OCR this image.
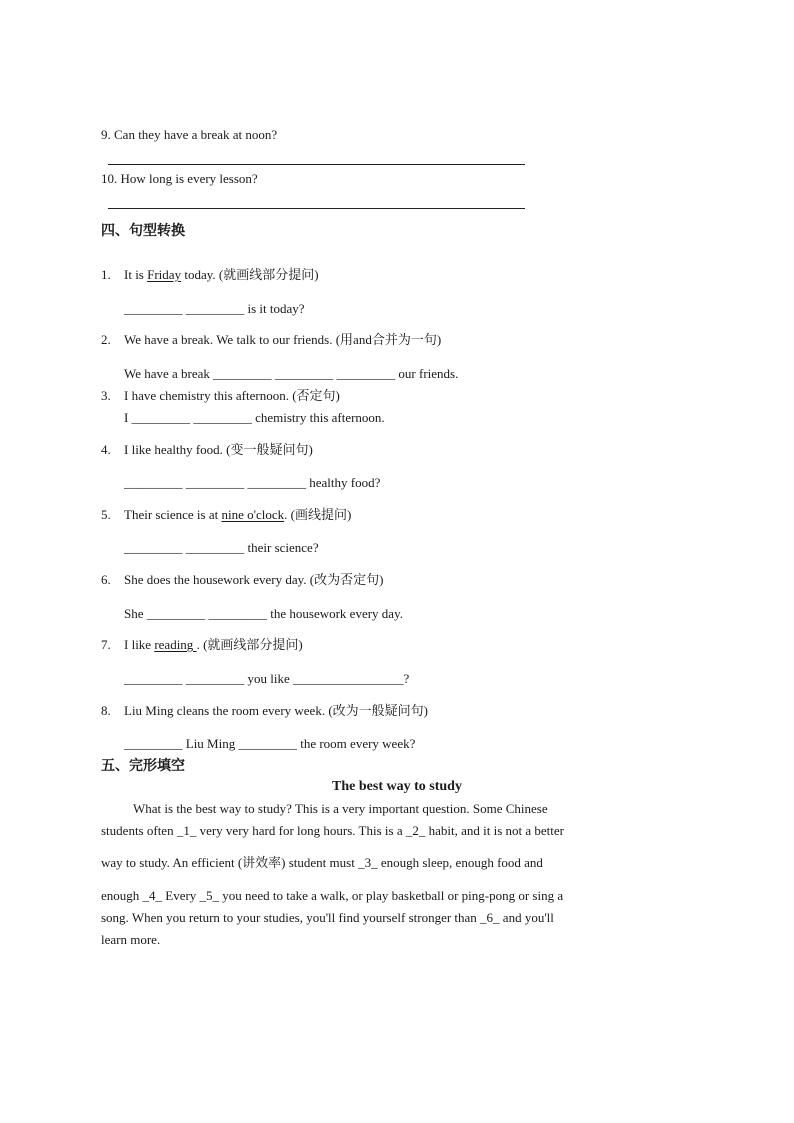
9. Can they have a break at noon?
10. How long is every lesson?
四、句型转换
1. It is Friday today. (就画线部分提问)
_________ _________ is it today?
2. We have a break. We talk to our friends. (用and合并为一句)
We have a break _________ _________ _________ our friends.
3. I have chemistry this afternoon. (否定句)
I _________ _________ chemistry this afternoon.
4. I like healthy food. (变一般疑问句)
_________ _________ _________ healthy food?
5. Their science is at nine o'clock. (画线提问)
_________ _________ their science?
6. She does the housework every day. (改为否定句)
She _________ _________ the housework every day.
7. I like reading . (就画线部分提问)
_________ _________ you like _________________?
8. Liu Ming cleans the room every week. (改为一般疑问句)
_________ Liu Ming _________ the room every week?
五、完形填空
The best way to study
What is the best way to study? This is a very important question. Some Chinese
students often _1_ very very hard for long hours. This is a _2_ habit, and it is not a better
way to study. An efficient (讲效率) student must _3_ enough sleep, enough food and
enough _4_ Every _5_ you need to take a walk, or play basketball or ping-pong or sing a
song. When you return to your studies, you'll find yourself stronger than _6_ and you'll
learn more.
